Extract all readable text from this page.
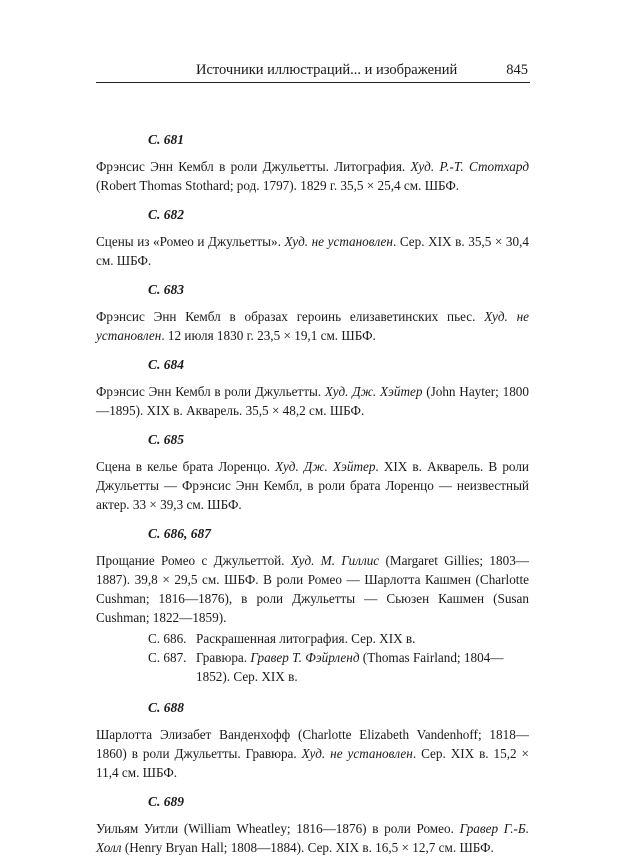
Источники иллюстраций... и изображений	845
С. 681
Фрэнсис Энн Кембл в роли Джульетты. Литография. Худ. Р.-Т. Стотхард (Robert Thomas Stothard; род. 1797). 1829 г. 35,5 × 25,4 см. ШБФ.
С. 682
Сцены из «Ромео и Джульетты». Худ. не установлен. Сер. XIX в. 35,5 × 30,4 см. ШБФ.
С. 683
Фрэнсис Энн Кембл в образах героинь елизаветинских пьес. Худ. не установлен. 12 июля 1830 г. 23,5 × 19,1 см. ШБФ.
С. 684
Фрэнсис Энн Кембл в роли Джульетты. Худ. Дж. Хэйтер (John Hayter; 1800—1895). XIX в. Акварель. 35,5 × 48,2 см. ШБФ.
С. 685
Сцена в келье брата Лоренцо. Худ. Дж. Хэйтер. XIX в. Акварель. В роли Джульетты — Фрэнсис Энн Кембл, в роли брата Лоренцо — неизвестный актер. 33 × 39,3 см. ШБФ.
С. 686, 687
Прощание Ромео с Джульеттой. Худ. М. Гиллис (Margaret Gillies; 1803—1887). 39,8 × 29,5 см. ШБФ. В роли Ромео — Шарлотта Кашмен (Charlotte Cushman; 1816—1876), в роли Джульетты — Сьюзен Кашмен (Susan Cushman; 1822—1859).
С. 686. Раскрашенная литография. Сер. XIX в.
С. 687. Гравюра. Гравер Т. Фэйрленд (Thomas Fairland; 1804—1852). Сер. XIX в.
С. 688
Шарлотта Элизабет Ванденхофф (Charlotte Elizabeth Vandenhoff; 1818—1860) в роли Джульетты. Гравюра. Худ. не установлен. Сер. XIX в. 15,2 × 11,4 см. ШБФ.
С. 689
Уильям Уитли (William Wheatley; 1816—1876) в роли Ромео. Гравер Г.-Б. Холл (Henry Bryan Hall; 1808—1884). Сер. XIX в. 16,5 × 12,7 см. ШБФ.
